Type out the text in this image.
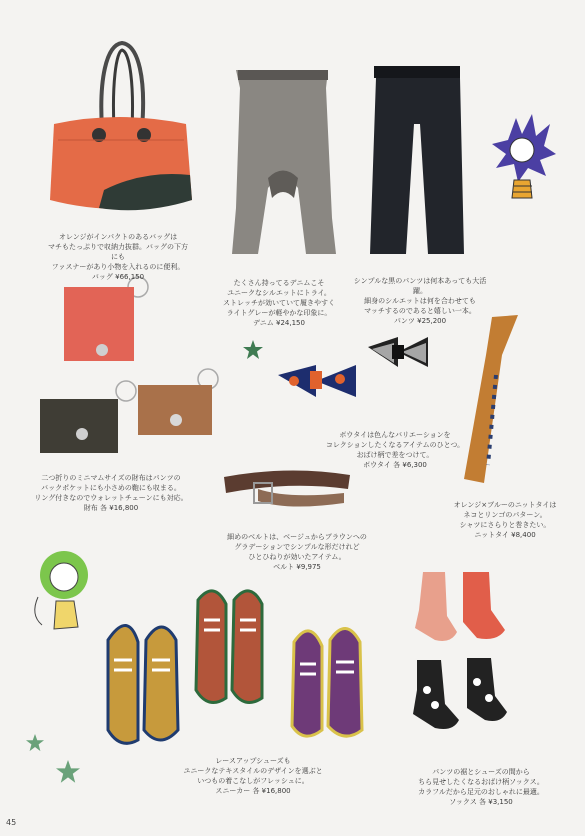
オレンジがインパクトのあるバッグは
マチもたっぷりで収納力抜群。バッグの下方にも
ファスナーがあり小物を入れるのに便利。

バッグ ¥66,150

たくさん持ってるデニムこそ
ユニークなシルエットにトライ。
ストレッチが効いていて履きやすく
ライトグレーが軽やかな印象に。

デニム ¥24,150

シンプルな黒のパンツは何本あっても大活躍。
細身のシルエットは何を合わせても
マッチするのであると嬉しい一本。

パンツ ¥25,200

二つ折りのミニマムサイズの財布はパンツの
バックポケットにも小さめの鞄にも収まる。
リング付きなのでウォレットチェーンにも対応。

財布 各 ¥16,800

ボウタイは色んなバリエーションを
コレクションしたくなるアイテムのひとつ。
おばけ柄で差をつけて。

ボウタイ 各 ¥6,300

オレンジ×ブルーのニットタイは
ネコとリンゴのパターン。
シャツにさらりと巻きたい。

ニットタイ ¥8,400

細めのベルトは、ベージュからブラウンへの
グラデーションでシンプルな形だけれど
ひとひねりが効いたアイテム。

ベルト ¥9,975

レースアップシューズも
ユニークなテキスタイルのデザインを選ぶと
いつもの着こなしがフレッシュに。

スニーカー 各 ¥16,800

パンツの裾とシューズの間から
ちら見せしたくなるおばけ柄ソックス。
カラフルだから足元のおしゃれに最適。

ソックス 各 ¥3,150

45
